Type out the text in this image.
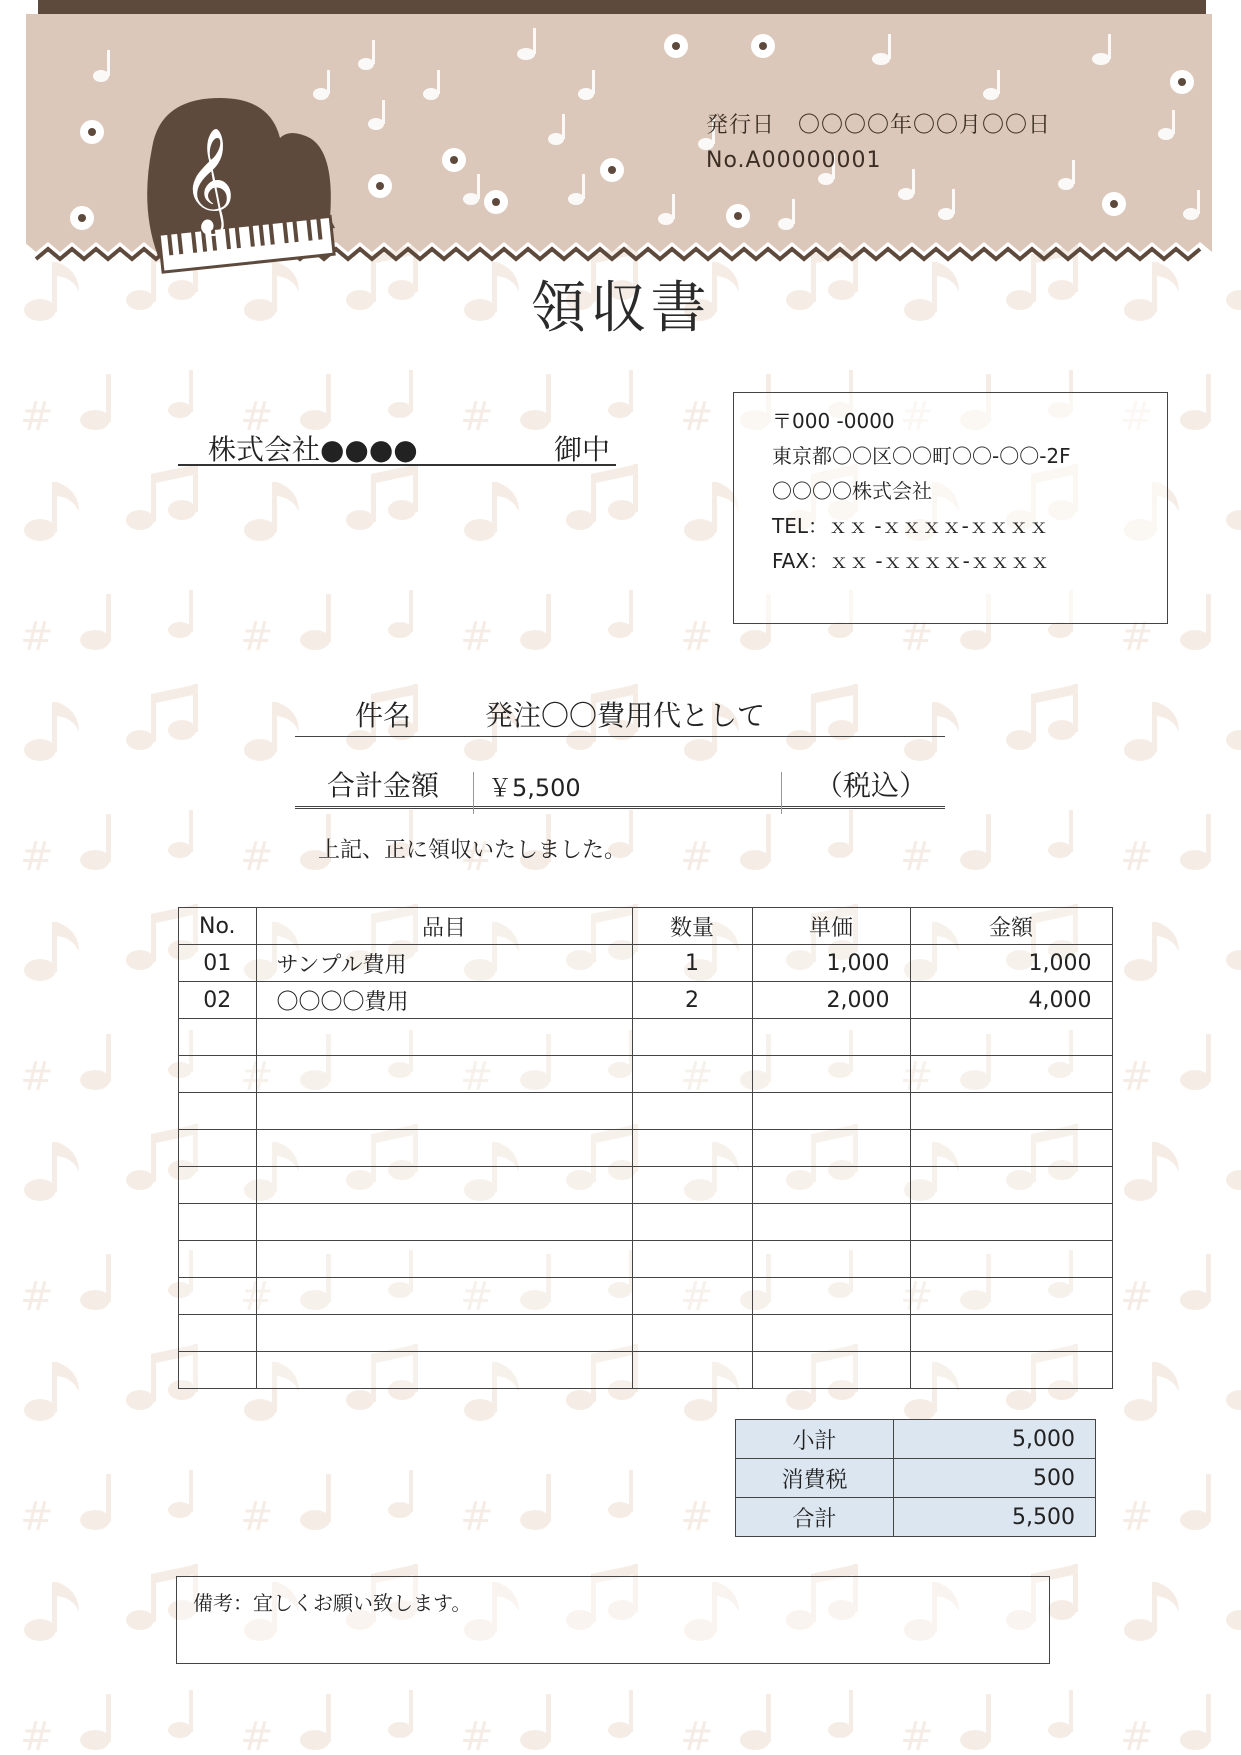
𝄞
発行日　〇〇〇〇年〇〇月〇〇日
No.A00000001
領収書
株式会社●●●●	御中
〒000 -0000
東京都〇〇区〇〇町〇〇-〇〇-2F
〇〇〇〇株式会社
TEL：ｘｘ -ｘｘｘｘ-ｘｘｘｘ
FAX：ｘｘ -ｘｘｘｘ-ｘｘｘｘ
件名	発注〇〇費用代として
合計金額 ￥5,500	（税込）
上記、正に領収いたしました。
No.	品目	数量	単価	金額
01	サンプル費用	1	1,000	1,000
02	〇〇〇〇費用	2	2,000	4,000

小計	5,000
消費税	500
合計	5,500
備考：宜しくお願い致します。
